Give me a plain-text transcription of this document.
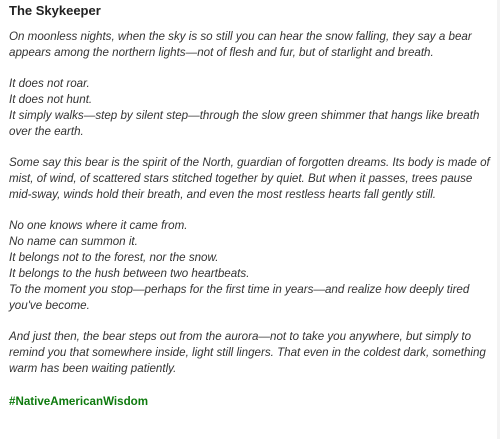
The Skykeeper

On moonless nights, when the sky is so still you can hear the snow falling, they say a bear appears among the northern lights—not of flesh and fur, but of starlight and breath.

It does not roar.
It does not hunt.
It simply walks—step by silent step—through the slow green shimmer that hangs like breath over the earth.

Some say this bear is the spirit of the North, guardian of forgotten dreams. Its body is made of mist, of wind, of scattered stars stitched together by quiet. But when it passes, trees pause mid-sway, winds hold their breath, and even the most restless hearts fall gently still.

No one knows where it came from.
No name can summon it.
It belongs not to the forest, nor the snow.
It belongs to the hush between two heartbeats.
To the moment you stop—perhaps for the first time in years—and realize how deeply tired you've become.

And just then, the bear steps out from the aurora—not to take you anywhere, but simply to remind you that somewhere inside, light still lingers. That even in the coldest dark, something warm has been waiting patiently.

#NativeAmericanWisdom
